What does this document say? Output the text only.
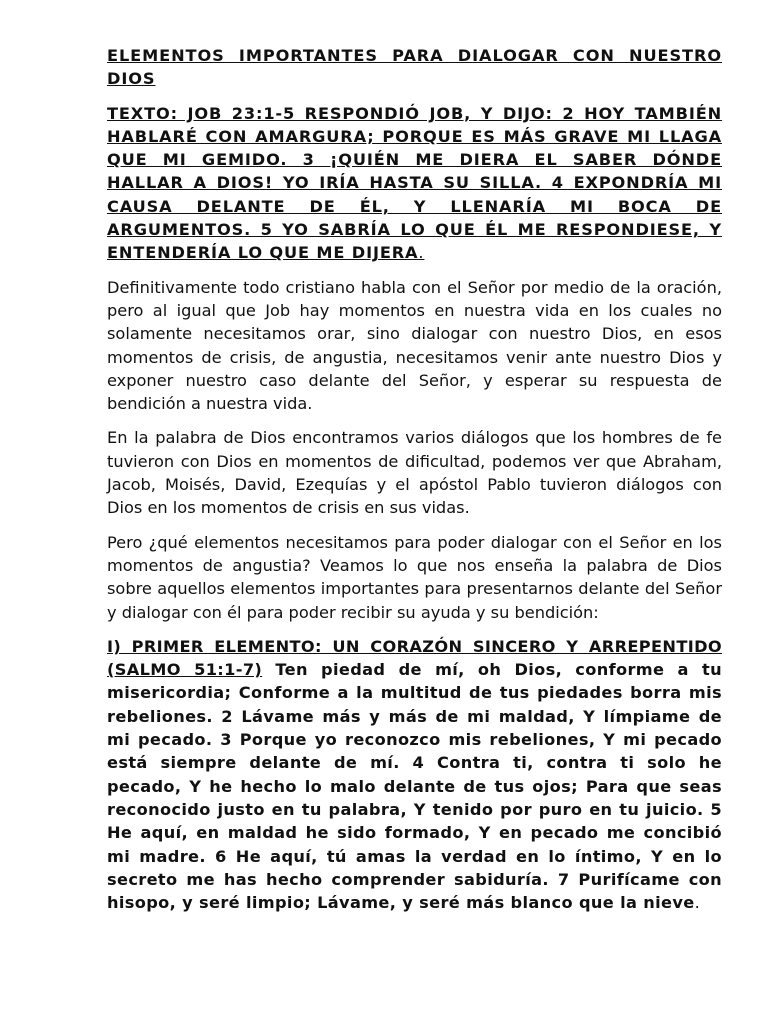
ELEMENTOS IMPORTANTES PARA DIALOGAR CON NUESTRO DIOS
TEXTO: JOB 23:1-5 RESPONDIÓ JOB, Y DIJO: 2 HOY TAMBIÉN HABLARÉ CON AMARGURA; PORQUE ES MÁS GRAVE MI LLAGA QUE MI GEMIDO. 3 ¡QUIÉN ME DIERA EL SABER DÓNDE HALLAR A DIOS! YO IRÍA HASTA SU SILLA. 4 EXPONDRÍA MI CAUSA DELANTE DE ÉL, Y LLENARÍA MI BOCA DE ARGUMENTOS. 5 YO SABRÍA LO QUE ÉL ME RESPONDIESE, Y ENTENDERÍA LO QUE ME DIJERA.

Definitivamente todo cristiano habla con el Señor por medio de la oración, pero al igual que Job hay momentos en nuestra vida en los cuales no solamente necesitamos orar, sino dialogar con nuestro Dios, en esos momentos de crisis, de angustia, necesitamos venir ante nuestro Dios y exponer nuestro caso delante del Señor, y esperar su respuesta de bendición a nuestra vida.

En la palabra de Dios encontramos varios diálogos que los hombres de fe tuvieron con Dios en momentos de dificultad, podemos ver que Abraham, Jacob, Moisés, David, Ezequías y el apóstol Pablo tuvieron diálogos con Dios en los momentos de crisis en sus vidas.

Pero ¿qué elementos necesitamos para poder dialogar con el Señor en los momentos de angustia? Veamos lo que nos enseña la palabra de Dios sobre aquellos elementos importantes para presentarnos delante del Señor y dialogar con él para poder recibir su ayuda y su bendición:

I) PRIMER ELEMENTO: UN CORAZÓN SINCERO Y ARREPENTIDO (SALMO 51:1-7) Ten piedad de mí, oh Dios, conforme a tu misericordia; Conforme a la multitud de tus piedades borra mis rebeliones. 2 Lávame más y más de mi maldad, Y límpiame de mi pecado. 3 Porque yo reconozco mis rebeliones, Y mi pecado está siempre delante de mí. 4 Contra ti, contra ti solo he pecado, Y he hecho lo malo delante de tus ojos; Para que seas reconocido justo en tu palabra, Y tenido por puro en tu juicio. 5 He aquí, en maldad he sido formado, Y en pecado me concibió mi madre. 6 He aquí, tú amas la verdad en lo íntimo, Y en lo secreto me has hecho comprender sabiduría. 7 Purifícame con hisopo, y seré limpio; Lávame, y seré más blanco que la nieve.
